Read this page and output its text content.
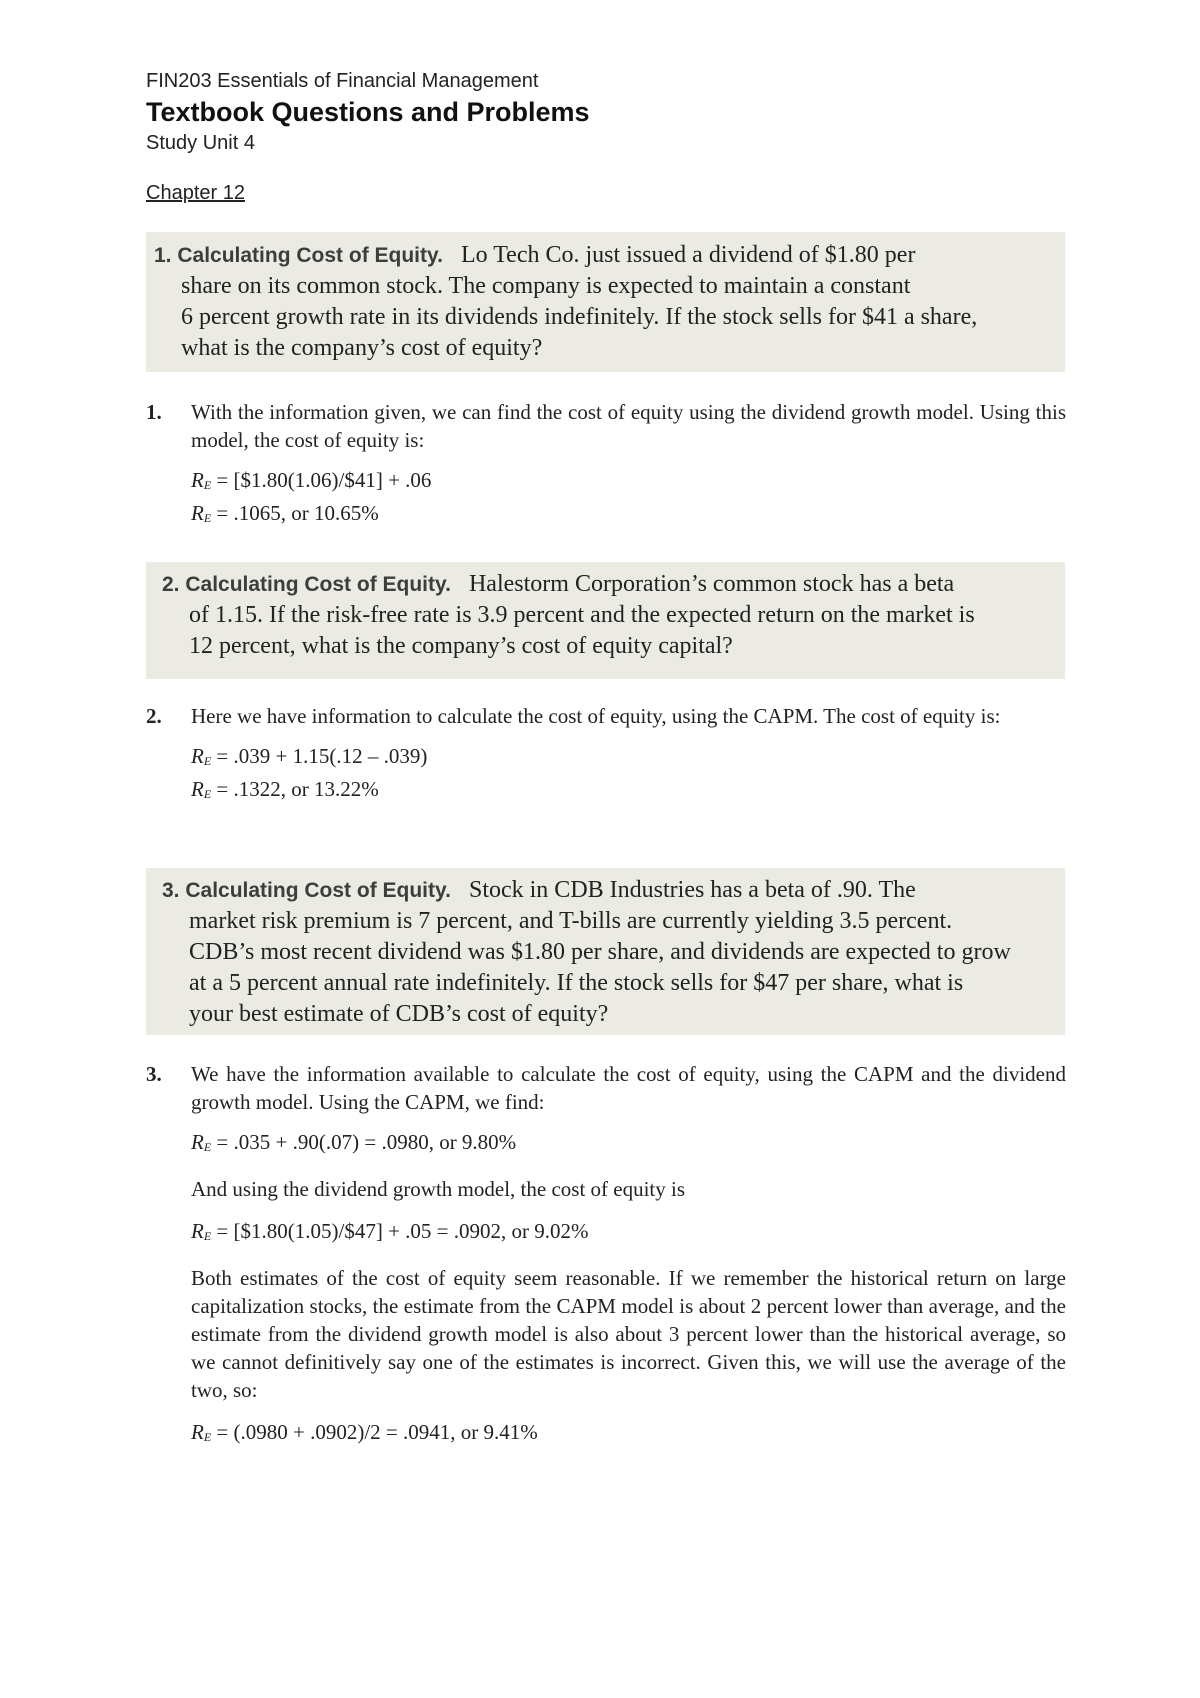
FIN203 Essentials of Financial Management
Textbook Questions and Problems
Study Unit 4
Chapter 12
1. Calculating Cost of Equity. Lo Tech Co. just issued a dividend of $1.80 per
share on its common stock. The company is expected to maintain a constant
6 percent growth rate in its dividends indefinitely. If the stock sells for $41 a share,
what is the company’s cost of equity?
1. With the information given, we can find the cost of equity using the dividend growth model. Using this model, the cost of equity is:

$R_E$ = [$1.80(1.06)/$41] + .06
$R_E = .1065$, or 10.65%
2. Calculating Cost of Equity. Halestorm Corporation’s common stock has a beta
of 1.15. If the risk-free rate is 3.9 percent and the expected return on the market is
12 percent, what is the company’s cost of equity capital?
2. Here we have information to calculate the cost of equity, using the CAPM. The cost of equity is:

$R_E = .039 + 1.15(.12 - .039)$
$R_E = .1322$, or 13.22%
3. Calculating Cost of Equity. Stock in CDB Industries has a beta of .90. The
market risk premium is 7 percent, and T-bills are currently yielding 3.5 percent.
CDB’s most recent dividend was $1.80 per share, and dividends are expected to grow
at a 5 percent annual rate indefinitely. If the stock sells for $47 per share, what is
your best estimate of CDB’s cost of equity?
3. We have the information available to calculate the cost of equity, using the CAPM and the dividend growth model. Using the CAPM, we find:

$R_E = .035 + .90(.07) = .0980$, or 9.80%

And using the dividend growth model, the cost of equity is

$R_E$ = [$1.80(1.05)/$47] + .05 = .0902, or 9.02%

Both estimates of the cost of equity seem reasonable. If we remember the historical return on large capitalization stocks, the estimate from the CAPM model is about 2 percent lower than average, and the estimate from the dividend growth model is also about 3 percent lower than the historical average, so we cannot definitively say one of the estimates is incorrect. Given this, we will use the average of the two, so:

$R_E = (.0980 + .0902)/2 = .0941$, or 9.41%
